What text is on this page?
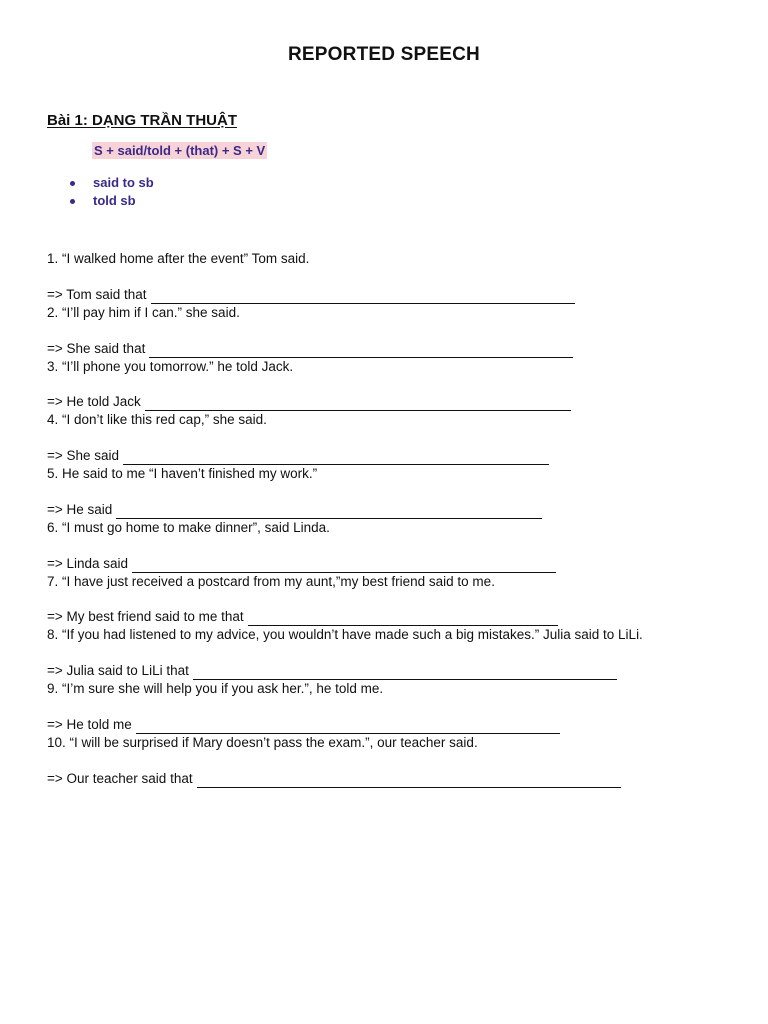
REPORTED SPEECH
Bài 1: DẠNG TRẦN THUẬT
S + said/told + (that) + S + V
said to sb
told sb
1. “I walked home after the event” Tom said.
=> Tom said that
2. “I’ll pay him if I can.” she said.
=> She said that
3. “I’ll phone you tomorrow.” he told Jack.
=> He told Jack
4. “I don’t like this red cap,” she said.
=> She said
5. He said to me “I haven’t finished my work.”
=> He said
6. “I must go home to make dinner”, said Linda.
=> Linda said
7. “I have just received a postcard from my aunt,”my best friend said to me.
=> My best friend said to me that
8. “If you had listened to my advice, you wouldn’t have made such a big mistakes.” Julia said to LiLi.
=> Julia said to LiLi that
9. “I’m sure she will help you if you ask her.”, he told me.
=> He told me
10. “I will be surprised if Mary doesn’t pass the exam.”, our teacher said.
=> Our teacher said that
